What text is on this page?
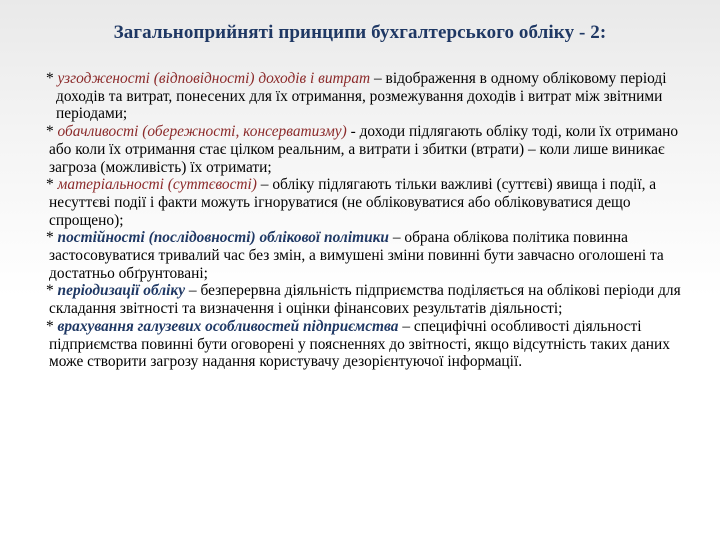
Загальноприйняті принципи бухгалтерського обліку - 2:

* узгодженості (відповідності) доходів і витрат – відображення в одному обліковому періоді доходів та витрат, понесених для їх отримання, розмежування доходів і витрат між звітними періодами;

* обачливості (обережності, консерватизму) - доходи підлягають обліку тоді, коли їх отримано або коли їх отримання стає цілком реальним, а витрати і збитки (втрати) – коли лише виникає загроза (можливість) їх отримати;

* матеріальності (суттєвості) – обліку підлягають тільки важливі (суттєві) явища і події, а несуттєві події і факти можуть ігноруватися (не обліковуватися або обліковуватися дещо спрощено);

* постійності (послідовності) облікової політики – обрана облікова політика повинна застосовуватися тривалий час без змін, а вимушені зміни повинні бути завчасно оголошені та достатньо обґрунтовані;

* періодизації обліку – безперервна діяльність підприємства поділяється на облікові періоди для складання звітності та визначення і оцінки фінансових результатів діяльності;

* врахування галузевих особливостей підприємства – специфічні особливості діяльності підприємства повинні бути оговорені у поясненнях до звітності, якщо відсутність таких даних може створити загрозу надання користувачу дезорієнтуючої інформації.
